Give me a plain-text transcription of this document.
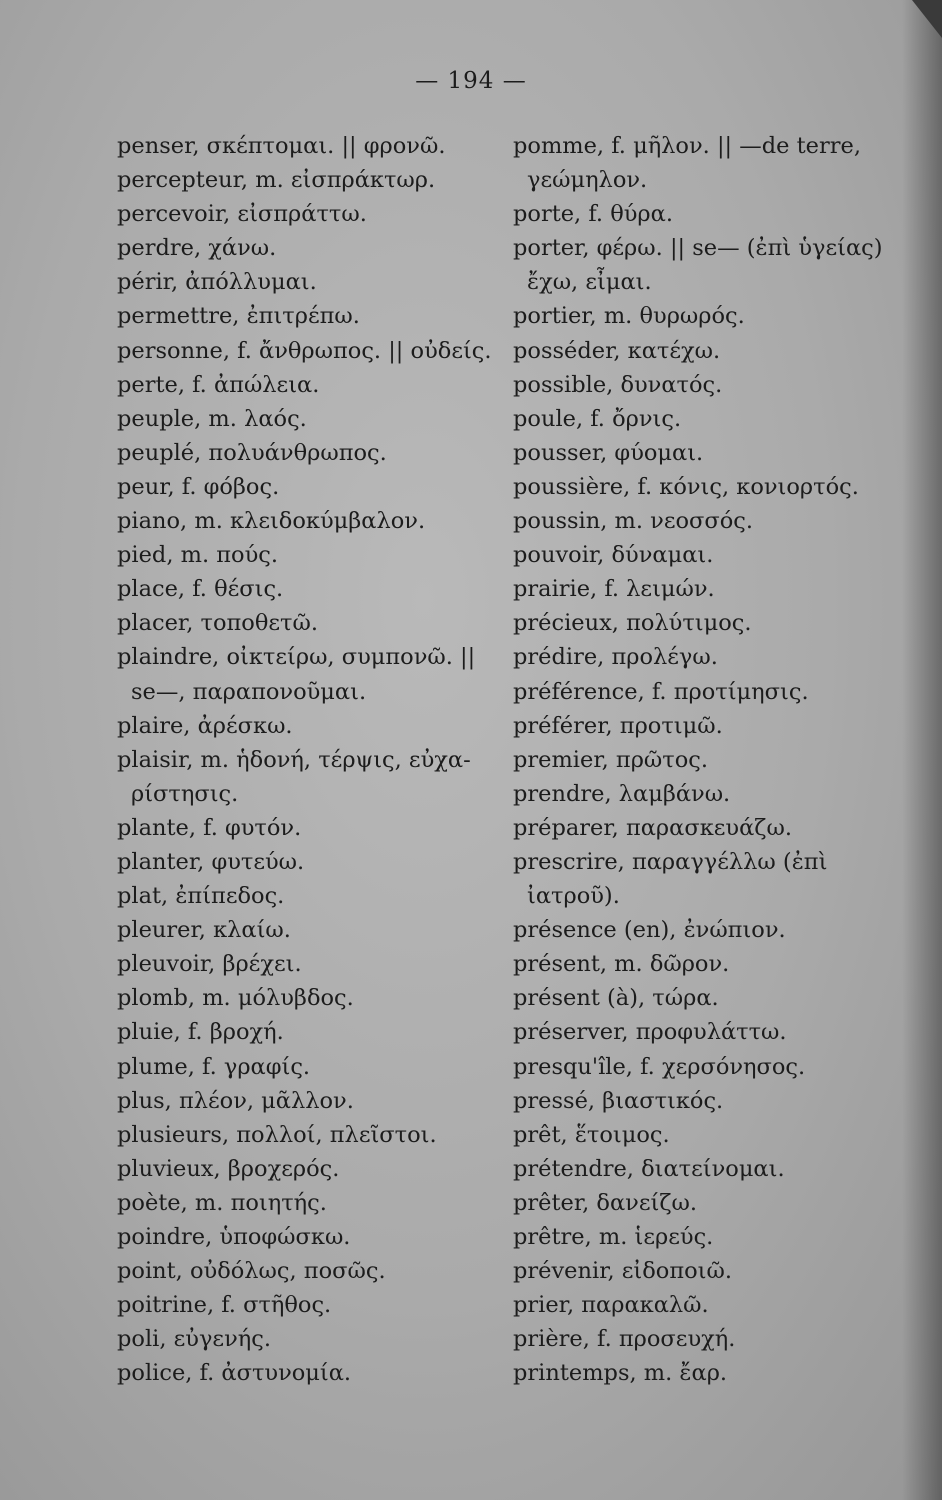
— 194 —
penser, σκέπτομαι. || φρονῶ.
percepteur, m. εἰσπράκτωρ.
percevoir, εἰσπράττω.
perdre, χάνω.
périr, ἀπόλλυμαι.
permettre, ἐπιτρέπω.
personne, f. ἄνθρωπος. || οὐδείς.
perte, f. ἀπώλεια.
peuple, m. λαός.
peuplé, πολυάνθρωπος.
peur, f. φόβος.
piano, m. κλειδοκύμβαλον.
pied, m. πούς.
place, f. θέσις.
placer, τοποθετῶ.
plaindre, οἰκτείρω, συμπονῶ. ||
se—, παραπονοῦμαι.
plaire, ἀρέσκω.
plaisir, m. ἡδονή, τέρψις, εὐχα-
ρίστησις.
plante, f. φυτόν.
planter, φυτεύω.
plat, ἐπίπεδος.
pleurer, κλαίω.
pleuvoir, βρέχει.
plomb, m. μόλυβδος.
pluie, f. βροχή.
plume, f. γραφίς.
plus, πλέον, μᾶλλον.
plusieurs, πολλοί, πλεῖστοι.
pluvieux, βροχερός.
poète, m. ποιητής.
poindre, ὑποφώσκω.
point, οὐδόλως, ποσῶς.
poitrine, f. στῆθος.
poli, εὐγενής.
police, f. ἀστυνομία.
pomme, f. μῆλον. || —de terre,
γεώμηλον.
porte, f. θύρα.
porter, φέρω. || se— (ἐπὶ ὑγείας)
ἔχω, εἶμαι.
portier, m. θυρωρός.
posséder, κατέχω.
possible, δυνατός.
poule, f. ὄρνις.
pousser, φύομαι.
poussière, f. κόνις, κονιορτός.
poussin, m. νεοσσός.
pouvoir, δύναμαι.
prairie, f. λειμών.
précieux, πολύτιμος.
prédire, προλέγω.
préférence, f. προτίμησις.
préférer, προτιμῶ.
premier, πρῶτος.
prendre, λαμβάνω.
préparer, παρασκευάζω.
prescrire, παραγγέλλω (ἐπὶ
ἰατροῦ).
présence (en), ἐνώπιον.
présent, m. δῶρον.
présent (à), τώρα.
préserver, προφυλάττω.
presqu'île, f. χερσόνησος.
pressé, βιαστικός.
prêt, ἕτοιμος.
prétendre, διατείνομαι.
prêter, δανείζω.
prêtre, m. ἱερεύς.
prévenir, εἰδοποιῶ.
prier, παρακαλῶ.
prière, f. προσευχή.
printemps, m. ἔαρ.
